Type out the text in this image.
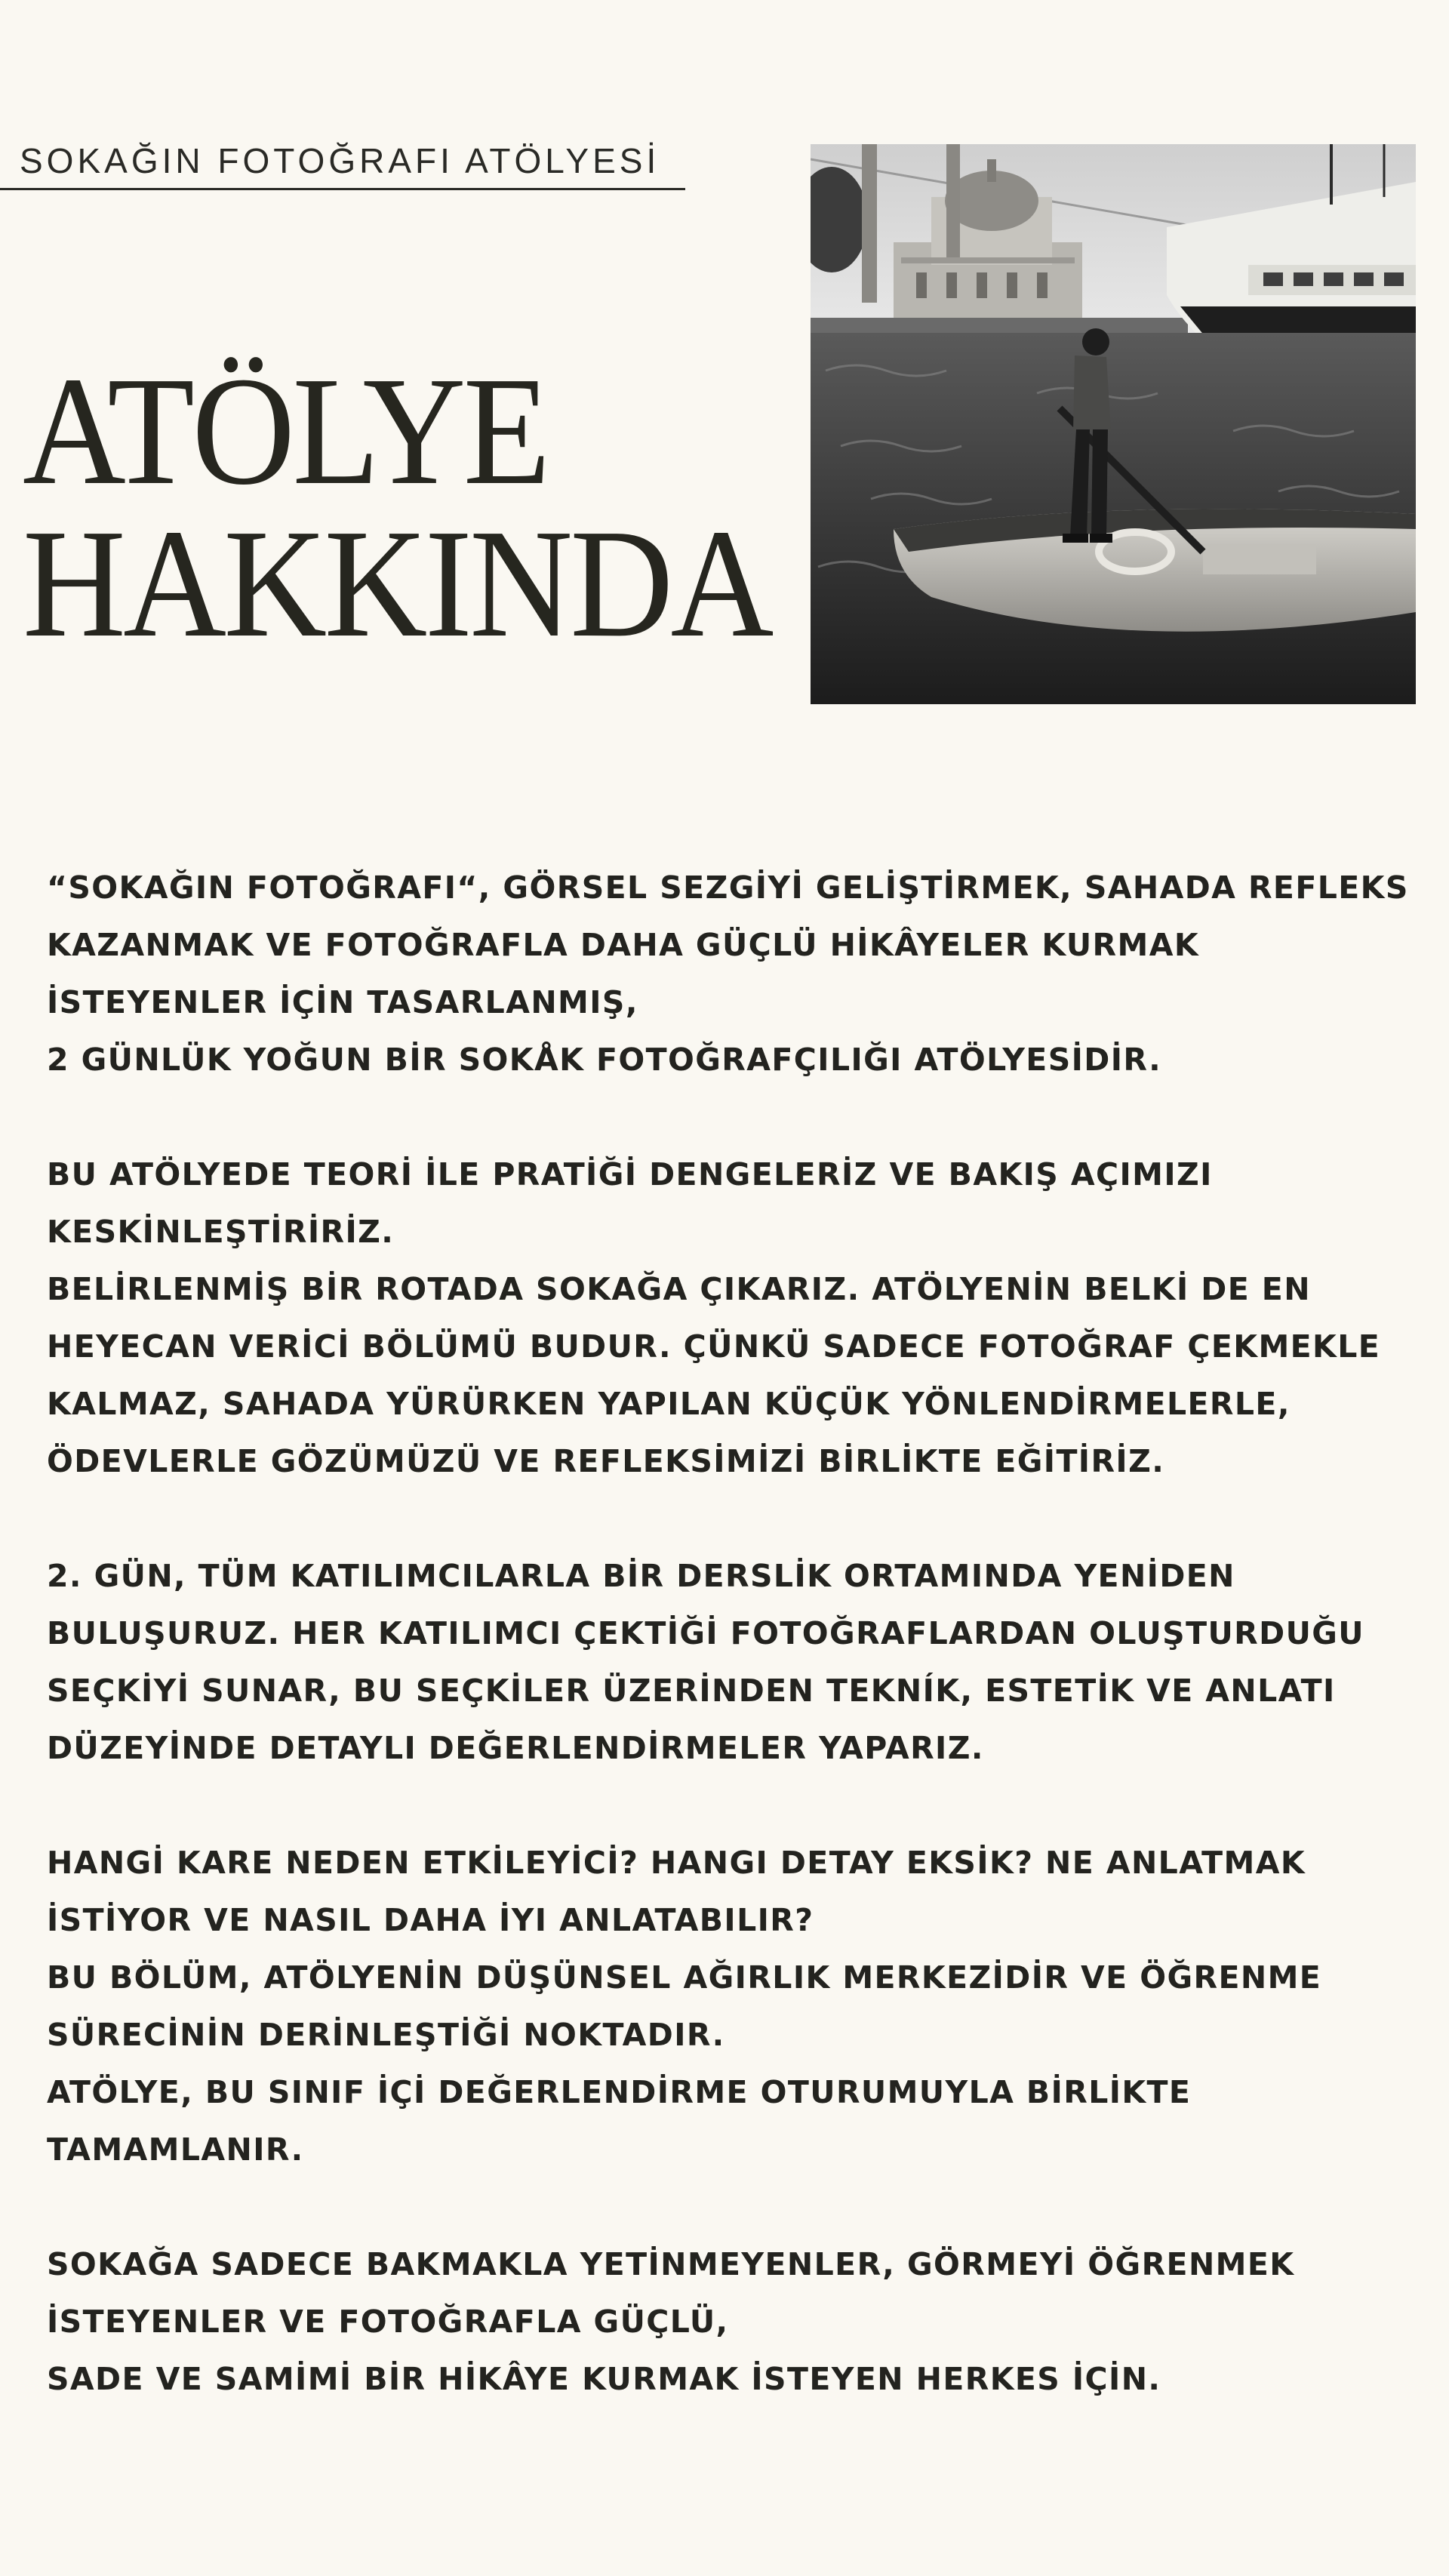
SOKAĞIN FOTOĞRAFI ATÖLYESİ
ATÖLYE
HAKKINDA

“SOKAĞIN FOTOĞRAFI“, GÖRSEL SEZGİYİ GELİŞTİRMEK, SAHADA REFLEKS
KAZANMAK VE FOTOĞRAFLA DAHA GÜÇLÜ HİKÂYELER KURMAK
İSTEYENLER İÇİN TASARLANMIŞ,
2 GÜNLÜK YOĞUN BİR SOKÅK FOTOĞRAFÇILIĞI ATÖLYESİDİR.

BU ATÖLYEDE TEORİ İLE PRATİĞİ DENGELERİZ VE BAKIŞ AÇIMIZI
KESKİNLEŞTİRİRİZ.
BELİRLENMİŞ BİR ROTADA SOKAĞA ÇIKARIZ. ATÖLYENİN BELKİ DE EN
HEYECAN VERİCİ BÖLÜMÜ BUDUR. ÇÜNKÜ SADECE FOTOĞRAF ÇEKMEKLE
KALMAZ, SAHADA YÜRÜRKEN YAPILAN KÜÇÜK YÖNLENDİRMELERLE,
ÖDEVLERLE GÖZÜMÜZÜ VE REFLEKSİMİZİ BİRLİKTE EĞİTİRİZ.

2. GÜN, TÜM KATILIMCILARLA BİR DERSLİK ORTAMINDA YENİDEN
BULUŞURUZ. HER KATILIMCI ÇEKTİĞİ FOTOĞRAFLARDAN OLUŞTURDUĞU
SEÇKİYİ SUNAR, BU SEÇKİLER ÜZERİNDEN TEKNÍK, ESTETİK VE ANLATI
DÜZEYİNDE DETAYLI DEĞERLENDİRMELER YAPARIZ.

HANGİ KARE NEDEN ETKİLEYİCİ? HANGI DETAY EKSİK? NE ANLATMAK
İSTİYOR VE NASIL DAHA İYI ANLATABILIR?
BU BÖLÜM, ATÖLYENİN DÜŞÜNSEL AĞIRLIK MERKEZİDİR VE ÖĞRENME
SÜRECİNİN DERİNLEŞTİĞİ NOKTADIR.
ATÖLYE, BU SINIF İÇİ DEĞERLENDİRME OTURUMUYLA BİRLİKTE
TAMAMLANIR.

SOKAĞA SADECE BAKMAKLA YETİNMEYENLER, GÖRMEYİ ÖĞRENMEK
İSTEYENLER VE FOTOĞRAFLA GÜÇLÜ,
SADE VE SAMİMİ BİR HİKÂYE KURMAK İSTEYEN HERKES İÇİN.
